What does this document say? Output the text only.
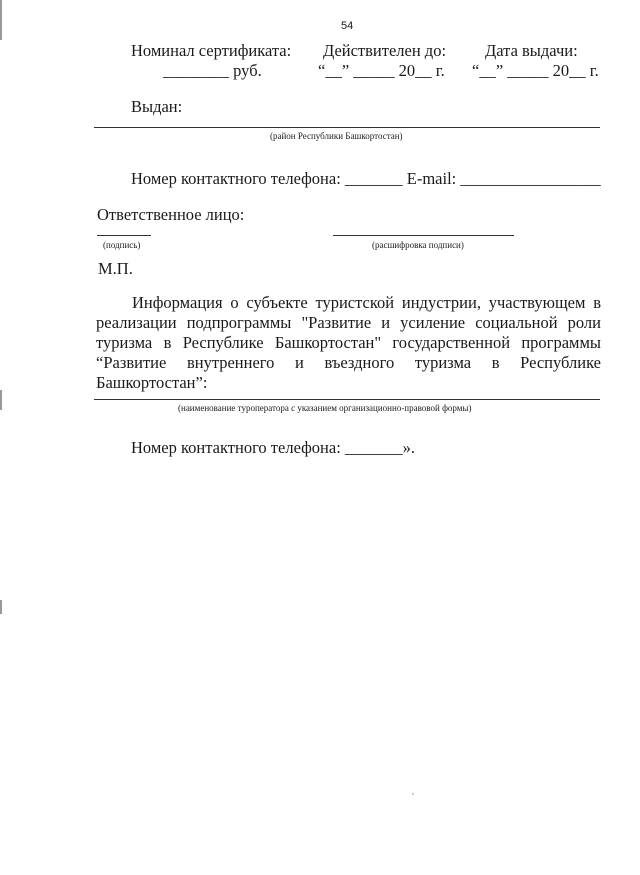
54
Номинал сертификата:
________ руб.
Действителен до:
“__” _____ 20__ г.
Дата выдачи:
“__” _____ 20__ г.
Выдан:
(район Республики Башкортостан)
Номер контактного телефона: _______ E-mail: _________________
Ответственное лицо:
(подпись)	(расшифровка подписи)
М.П.
Информация о субъекте туристской индустрии, участвующем в реализации подпрограммы "Развитие и усиление социальной роли туризма в Республике Башкортостан" государственной программы “Развитие внутреннего и въездного туризма в Республике Башкортостан”:
(наименование туроператора с указанием организационно-правовой формы)
Номер контактного телефона: _______».
